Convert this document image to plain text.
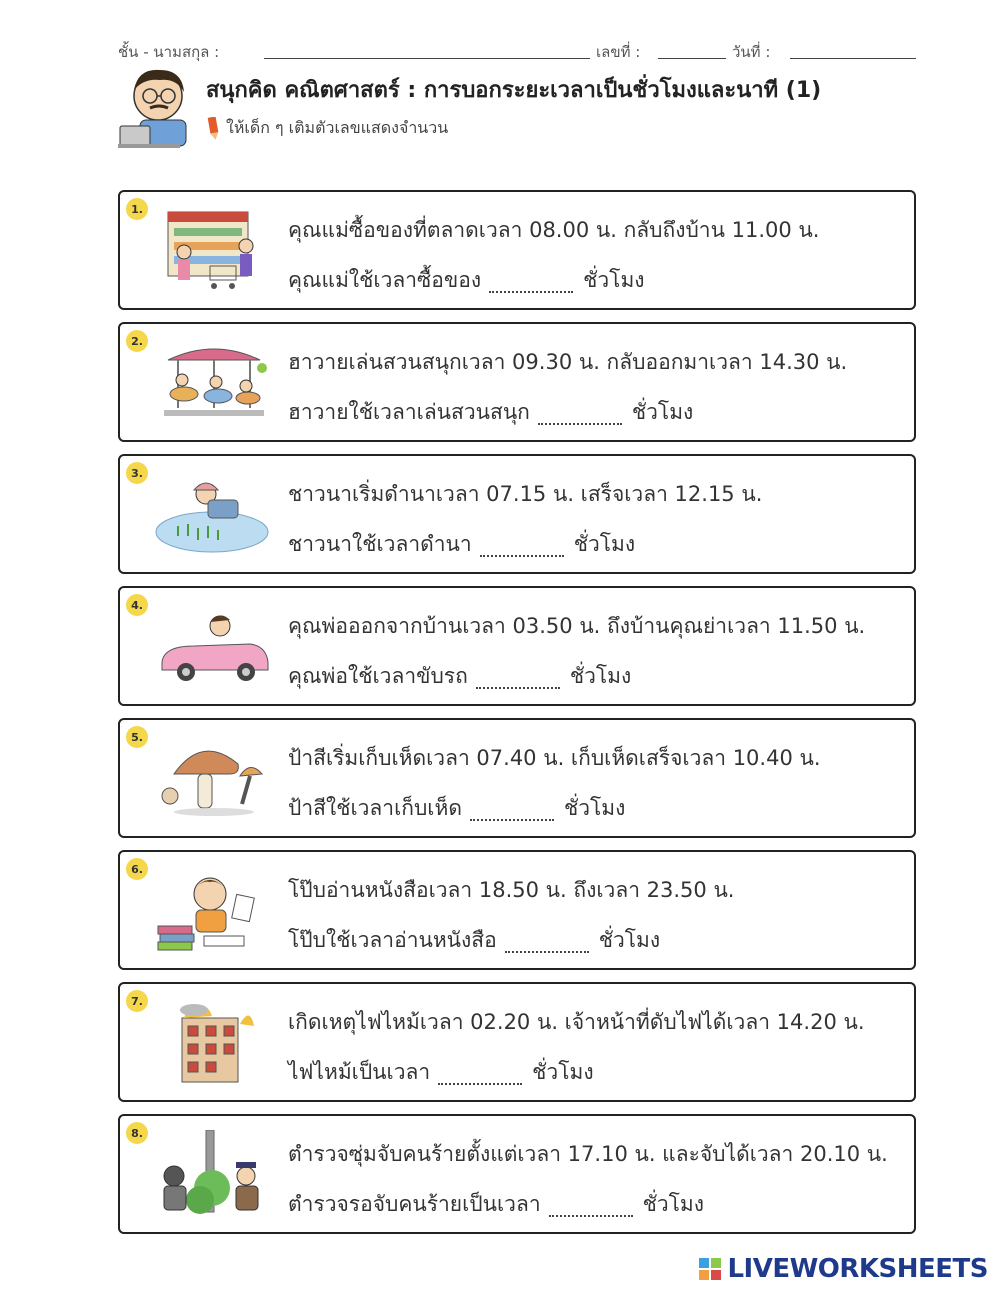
ชั้น - นามสกุล :	เลขที่ :	วันที่ :
สนุกคิด คณิตศาสตร์ : การบอกระยะเวลาเป็นชั่วโมงและนาที (1)
ให้เด็ก ๆ เติมตัวเลขแสดงจำนวน
1.
คุณแม่ซื้อของที่ตลาดเวลา 08.00 น. กลับถึงบ้าน 11.00 น.
คุณแม่ใช้เวลาซื้อของ	ชั่วโมง
2.
ฮาวายเล่นสวนสนุกเวลา 09.30 น. กลับออกมาเวลา 14.30 น.
ฮาวายใช้เวลาเล่นสวนสนุก	ชั่วโมง
3.
ชาวนาเริ่มดำนาเวลา 07.15 น. เสร็จเวลา 12.15 น.
ชาวนาใช้เวลาดำนา	ชั่วโมง
4.
คุณพ่อออกจากบ้านเวลา 03.50 น. ถึงบ้านคุณย่าเวลา 11.50 น.
คุณพ่อใช้เวลาขับรถ	ชั่วโมง
5.
ป้าสีเริ่มเก็บเห็ดเวลา 07.40 น. เก็บเห็ดเสร็จเวลา 10.40 น.
ป้าสีใช้เวลาเก็บเห็ด	ชั่วโมง
6.
โป๊บอ่านหนังสือเวลา 18.50 น. ถึงเวลา 23.50 น.
โป๊บใช้เวลาอ่านหนังสือ	ชั่วโมง
7.
เกิดเหตุไฟไหม้เวลา 02.20 น. เจ้าหน้าที่ดับไฟได้เวลา 14.20 น.
ไฟไหม้เป็นเวลา	ชั่วโมง
8.
ตำรวจซุ่มจับคนร้ายตั้งแต่เวลา 17.10 น. และจับได้เวลา 20.10 น.
ตำรวจรอจับคนร้ายเป็นเวลา	ชั่วโมง
LIVEWORKSHEETS
